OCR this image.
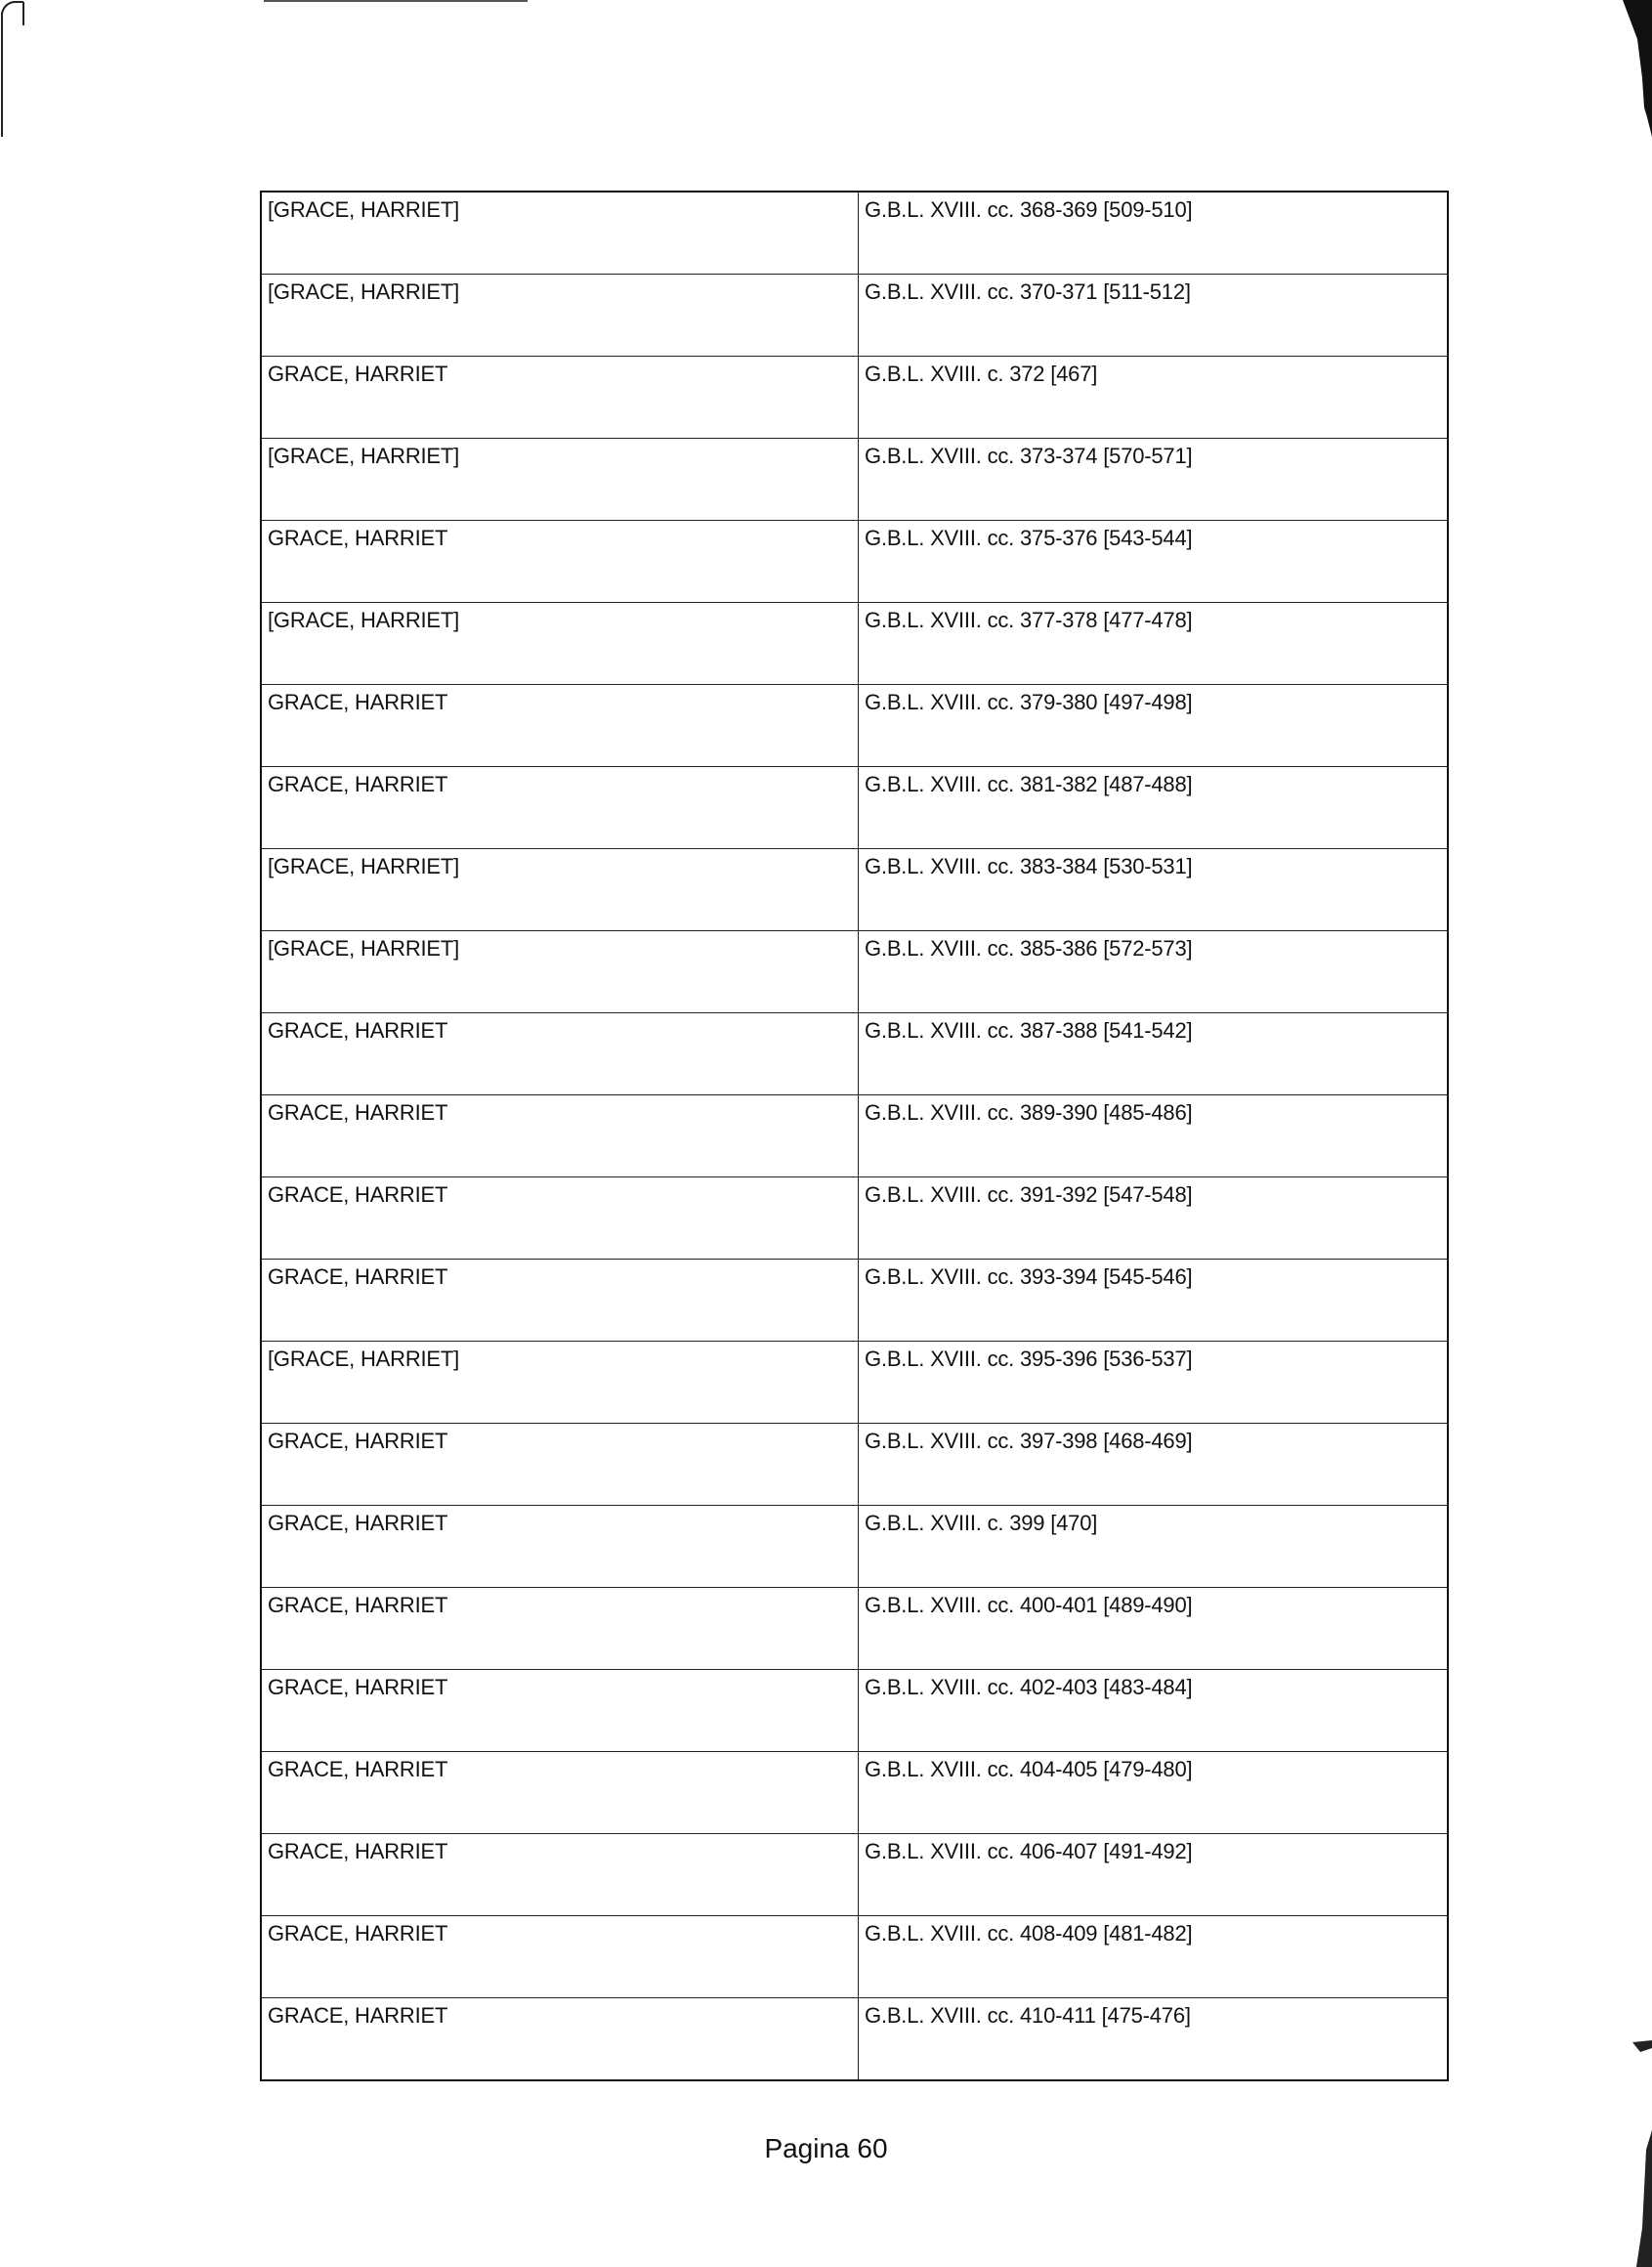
[GRACE, HARRIET]	G.B.L. XVIII. cc. 368-369 [509-510]
[GRACE, HARRIET]	G.B.L. XVIII. cc. 370-371 [511-512]
GRACE, HARRIET	G.B.L. XVIII. c. 372 [467]
[GRACE, HARRIET]	G.B.L. XVIII. cc. 373-374 [570-571]
GRACE, HARRIET	G.B.L. XVIII. cc. 375-376 [543-544]
[GRACE, HARRIET]	G.B.L. XVIII. cc. 377-378 [477-478]
GRACE, HARRIET	G.B.L. XVIII. cc. 379-380 [497-498]
GRACE, HARRIET	G.B.L. XVIII. cc. 381-382 [487-488]
[GRACE, HARRIET]	G.B.L. XVIII. cc. 383-384 [530-531]
[GRACE, HARRIET]	G.B.L. XVIII. cc. 385-386 [572-573]
GRACE, HARRIET	G.B.L. XVIII. cc. 387-388 [541-542]
GRACE, HARRIET	G.B.L. XVIII. cc. 389-390 [485-486]
GRACE, HARRIET	G.B.L. XVIII. cc. 391-392 [547-548]
GRACE, HARRIET	G.B.L. XVIII. cc. 393-394 [545-546]
[GRACE, HARRIET]	G.B.L. XVIII. cc. 395-396 [536-537]
GRACE, HARRIET	G.B.L. XVIII. cc. 397-398 [468-469]
GRACE, HARRIET	G.B.L. XVIII. c. 399 [470]
GRACE, HARRIET	G.B.L. XVIII. cc. 400-401 [489-490]
GRACE, HARRIET	G.B.L. XVIII. cc. 402-403 [483-484]
GRACE, HARRIET	G.B.L. XVIII. cc. 404-405 [479-480]
GRACE, HARRIET	G.B.L. XVIII. cc. 406-407 [491-492]
GRACE, HARRIET	G.B.L. XVIII. cc. 408-409 [481-482]
GRACE, HARRIET	G.B.L. XVIII. cc. 410-411 [475-476]
Pagina 60
